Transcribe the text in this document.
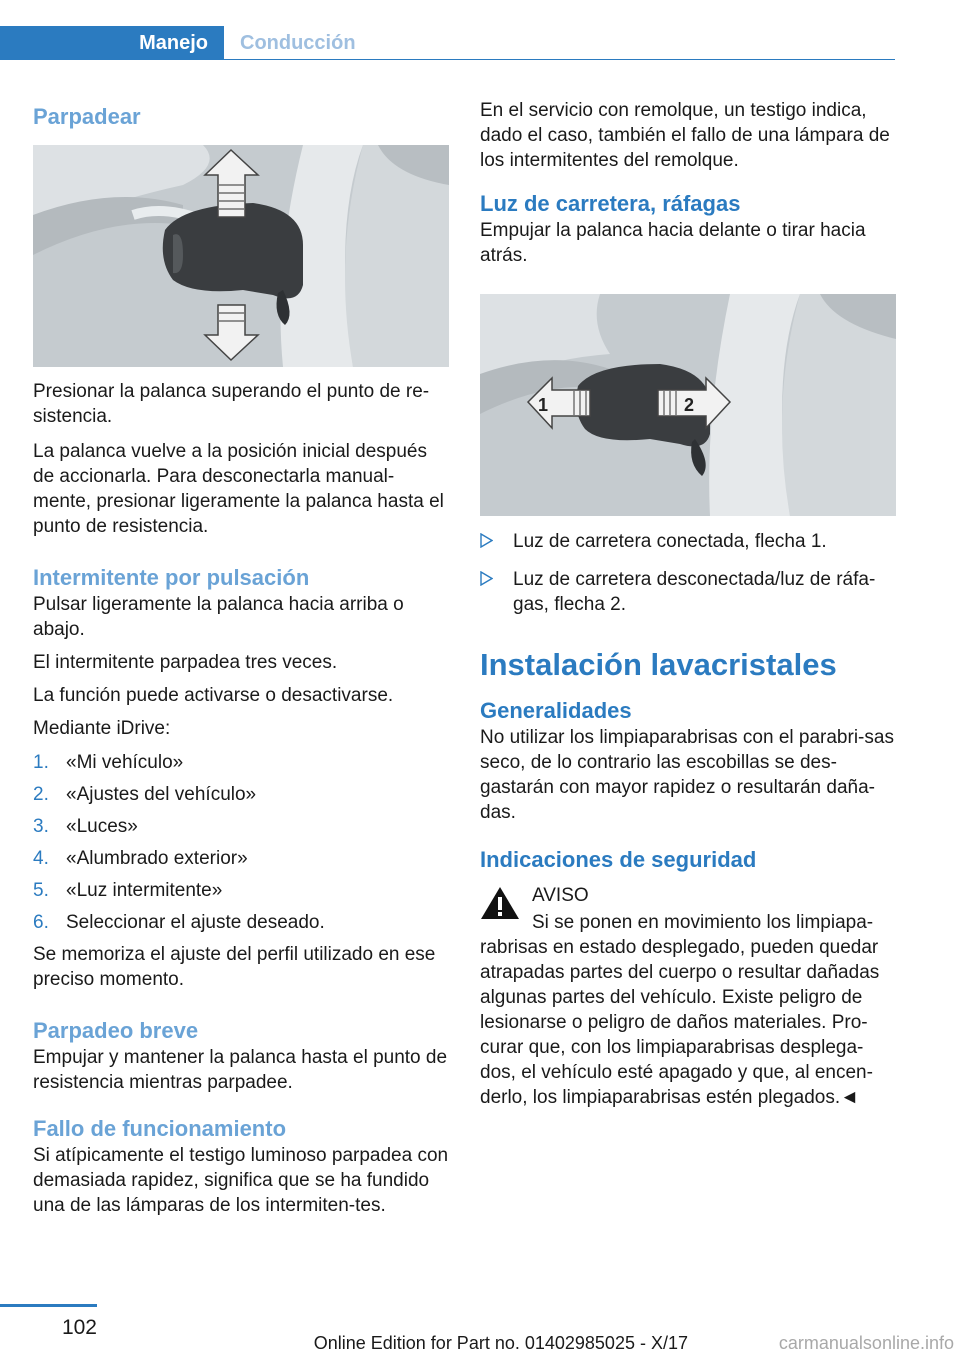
Manejo Conducción
Parpadear

Presionar la palanca superando el punto de re-sistencia.

La palanca vuelve a la posición inicial después de accionarla. Para desconectarla manual-mente, presionar ligeramente la palanca hasta el punto de resistencia.

Intermitente por pulsación

Pulsar ligeramente la palanca hacia arriba o abajo.

El intermitente parpadea tres veces.

La función puede activarse o desactivarse.

Mediante iDrive:

1. «Mi vehículo»
2. «Ajustes del vehículo»
3. «Luces»
4. «Alumbrado exterior»
5. «Luz intermitente»
6. Seleccionar el ajuste deseado.

Se memoriza el ajuste del perfil utilizado en ese preciso momento.

Parpadeo breve

Empujar y mantener la palanca hasta el punto de resistencia mientras parpadee.

Fallo de funcionamiento

Si atípicamente el testigo luminoso parpadea con demasiada rapidez, significa que se ha fundido una de las lámparas de los intermiten-tes.

En el servicio con remolque, un testigo indica, dado el caso, también el fallo de una lámpara de los intermitentes del remolque.

Luz de carretera, ráfagas

Empujar la palanca hacia delante o tirar hacia atrás.

1	2
Luz de carretera conectada, flecha 1.
Luz de carretera desconectada/luz de ráfa-gas, flecha 2.
Instalación lavacristales
Generalidades

No utilizar los limpiaparabrisas con el parabri-sas seco, de lo contrario las escobillas se des-gastarán con mayor rapidez o resultarán daña-das.

Indicaciones de seguridad

AVISO

Si se ponen en movimiento los limpiapa-rabrisas en estado desplegado, pueden quedar atrapadas partes del cuerpo o resultar dañadas algunas partes del vehículo. Existe peligro de lesionarse o peligro de daños materiales. Pro-curar que, con los limpiaparabrisas desplega-dos, el vehículo esté apagado y que, al encen-derlo, los limpiaparabrisas estén plegados.◄

102
Online Edition for Part no. 01402985025 - X/17	carmanualsonline.info
